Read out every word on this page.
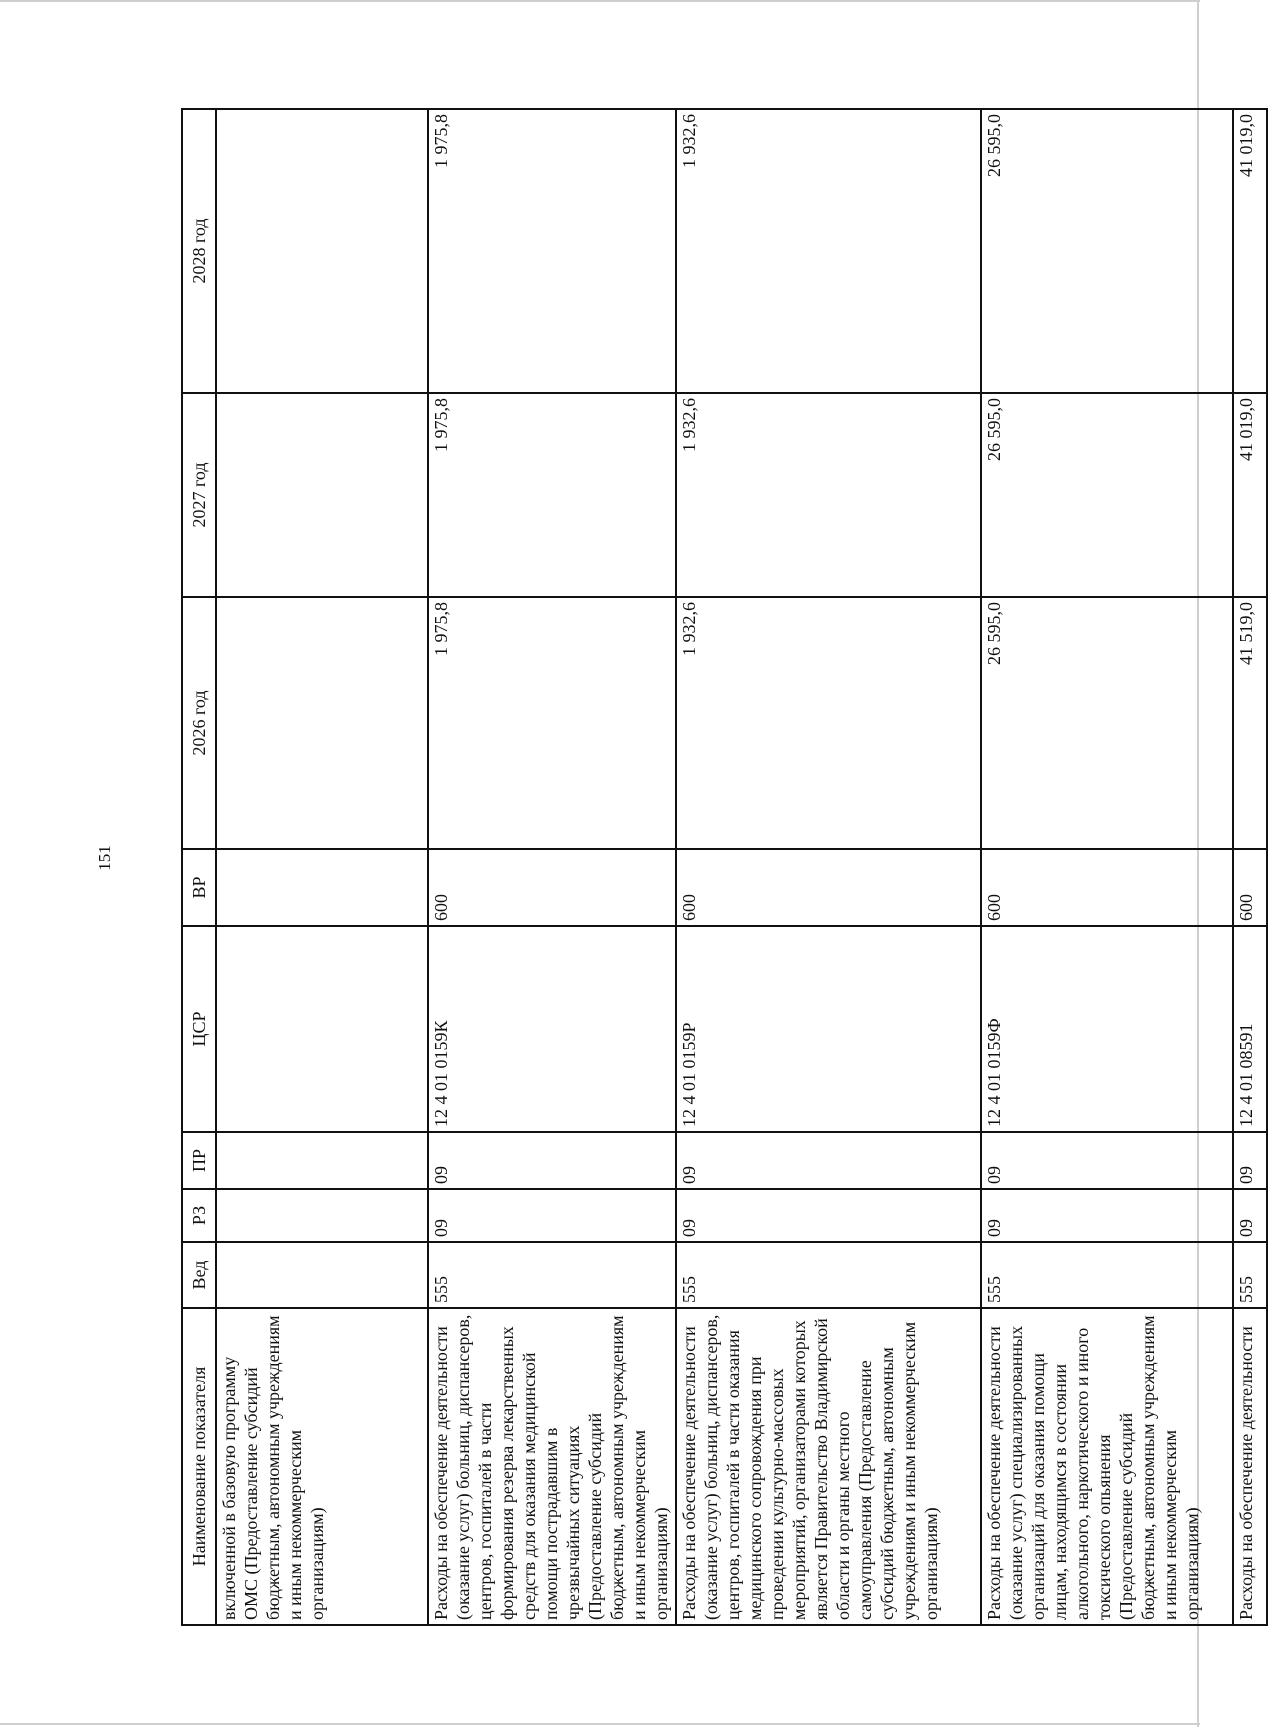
151
Наименование показателя	Вед	РЗ	ПР	ЦСР	ВР	2026 год	2027 год	2028 год
включенной в базовую программу ОМС (Предоставление субсидий бюджетным, автономным учреждениям и иным некоммерческим организациям)								
Расходы на обеспечение деятельности (оказание услуг) больниц, диспансеров, центров, госпиталей в части формирования резерва лекарственных средств для оказания медицинской помощи пострадавшим в чрезвычайных ситуациях (Предоставление субсидий бюджетным, автономным учреждениям и иным некоммерческим организациям)	555	09	09	12 4 01 0159К	600	1 975,8	1 975,8	1 975,8
Расходы на обеспечение деятельности (оказание услуг) больниц, диспансеров, центров, госпиталей в части оказания медицинского сопровождения при проведении культурно-массовых мероприятий, организаторами которых является Правительство Владимирской области и органы местного самоуправления (Предоставление субсидий бюджетным, автономным учреждениям и иным некоммерческим организациям)	555	09	09	12 4 01 0159Р	600	1 932,6	1 932,6	1 932,6
Расходы на обеспечение деятельности (оказание услуг) специализированных организаций для оказания помощи лицам, находящимся в состоянии алкогольного, наркотического и иного токсического опьянения (Предоставление субсидий бюджетным, автономным учреждениям и иным некоммерческим организациям)	555	09	09	12 4 01 0159Ф	600	26 595,0	26 595,0	26 595,0
Расходы на обеспечение деятельности	555	09	09	12 4 01 08591	600	41 519,0	41 019,0	41 019,0
